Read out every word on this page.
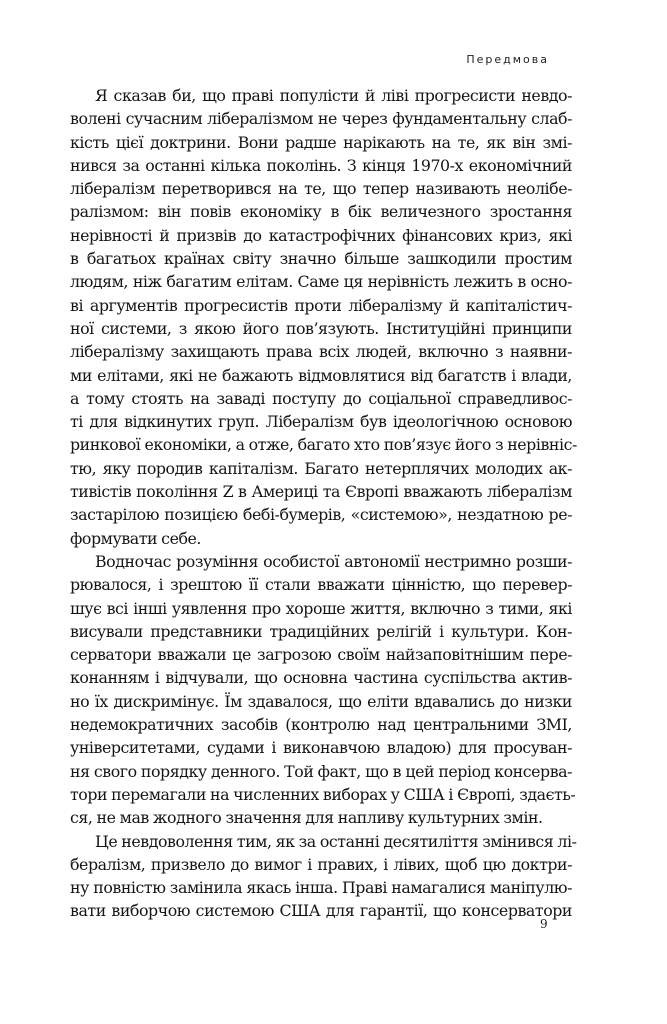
Передмова
Я сказав би, що праві популісти й ліві прогресисти невдо-
волені сучасним лібералізмом не через фундаментальну слаб-
кість цієї доктрини. Вони радше нарікають на те, як він змі-
нився за останні кілька поколінь. З кінця 1970-х економічний
лібералізм перетворився на те, що тепер називають неолібе-
ралізмом: він повів економіку в бік величезного зростання
нерівності й призвів до катастрофічних фінансових криз, які
в багатьох країнах світу значно більше зашкодили простим
людям, ніж багатим елітам. Саме ця нерівність лежить в осно-
ві аргументів прогресистів проти лібералізму й капіталістич-
ної системи, з якою його пов’язують. Інституційні принципи
лібералізму захищають права всіх людей, включно з наявни-
ми елітами, які не бажають відмовлятися від багатств і влади,
а тому стоять на заваді поступу до соціальної справедливос-
ті для відкинутих груп. Лібералізм був ідеологічною основою
ринкової економіки, а отже, багато хто пов’язує його з нерівніс-
тю, яку породив капіталізм. Багато нетерплячих молодих ак-
тивістів покоління Z в Америці та Європі вважають лібералізм
застарілою позицією бебі-бумерів, «системою», нездатною ре-
формувати себе.
Водночас розуміння особистої автономії нестримно розши-
рювалося, і зрештою її стали вважати цінністю, що перевер-
шує всі інші уявлення про хороше життя, включно з тими, які
висували представники традиційних релігій і культури. Кон-
серватори вважали це загрозою своїм найзаповітнішим пере-
конанням і відчували, що основна частина суспільства актив-
но їх дискримінує. Їм здавалося, що еліти вдавались до низки
недемократичних засобів (контролю над центральними ЗМІ,
університетами, судами і виконавчою владою) для просуван-
ня свого порядку денного. Той факт, що в цей період консерва-
тори перемагали на численних виборах у США і Європі, здаєть-
ся, не мав жодного значення для напливу культурних змін.
Це невдоволення тим, як за останні десятиліття змінився лі-
бералізм, призвело до вимог і правих, і лівих, щоб цю доктри-
ну повністю замінила якась інша. Праві намагалися маніпулю-
вати виборчою системою США для гарантії, що консерватори
9
